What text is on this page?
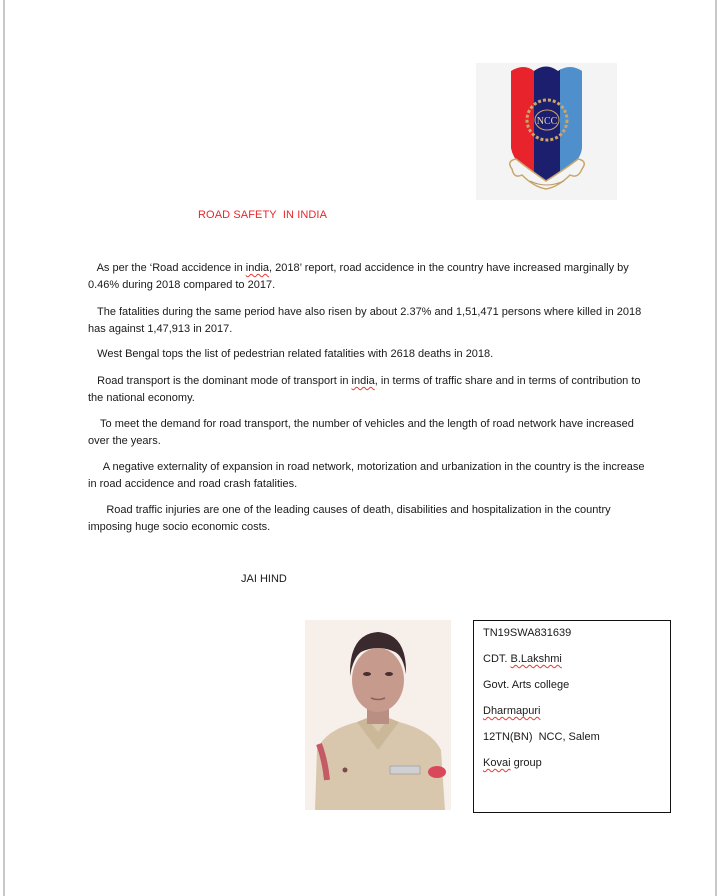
NCC
ROAD SAFETY  IN INDIA
As per the ‘Road accidence in india, 2018’ report, road accidence in the country have increased marginally by 0.46% during 2018 compared to 2017.
The fatalities during the same period have also risen by about 2.37% and 1,51,471 persons where killed in 2018 has against 1,47,913 in 2017.
West Bengal tops the list of pedestrian related fatalities with 2618 deaths in 2018.
Road transport is the dominant mode of transport in india, in terms of traffic share and in terms of contribution to the national economy.
To meet the demand for road transport, the number of vehicles and the length of road network have increased over the years.
A negative externality of expansion in road network, motorization and urbanization in the country is the increase in road accidence and road crash fatalities.
Road traffic injuries are one of the leading causes of death, disabilities and hospitalization in the country imposing huge socio economic costs.
JAI HIND
TN19SWA831639
CDT. B.Lakshmi
Govt. Arts college
Dharmapuri
12TN(BN)  NCC, Salem
Kovai group
